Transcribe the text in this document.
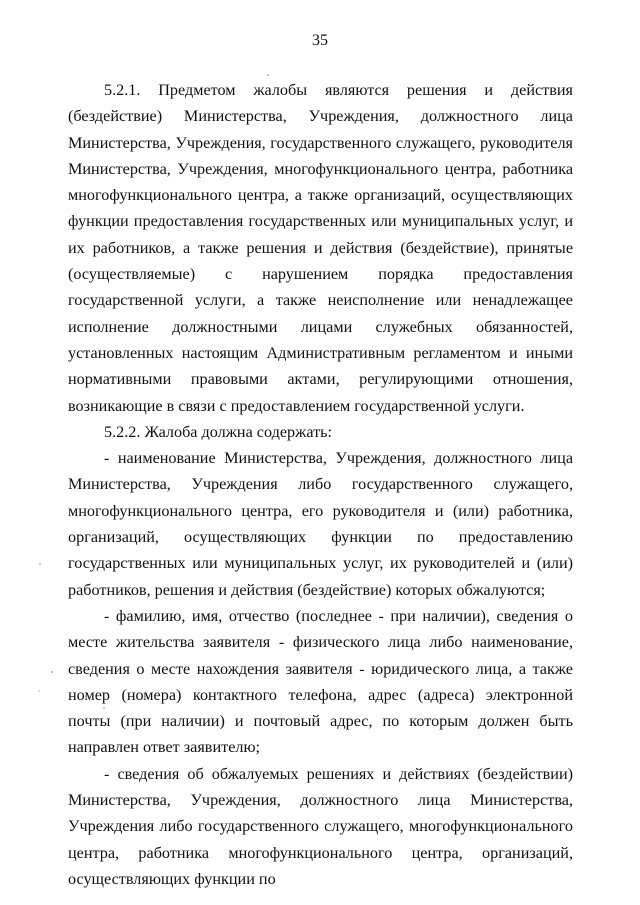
35

5.2.1. Предметом жалобы являются решения и действия (бездействие) Министерства, Учреждения, должностного лица Министерства, Учреждения, государственного служащего, руководителя Министерства, Учреждения, многофункционального центра, работника многофункционального центра, а также организаций, осуществляющих функции предоставления государственных или муниципальных услуг, и их работников, а также решения и действия (бездействие), принятые (осуществляемые) с нарушением порядка предоставления государственной услуги, а также неисполнение или ненадлежащее исполнение должностными лицами служебных обязанностей, установленных настоящим Административным регламентом и иными нормативными правовыми актами, регулирующими отношения, возникающие в связи с предоставлением государственной услуги.

5.2.2. Жалоба должна содержать:

- наименование Министерства, Учреждения, должностного лица Министерства, Учреждения либо государственного служащего, многофункционального центра, его руководителя и (или) работника, организаций, осуществляющих функции по предоставлению государственных или муниципальных услуг, их руководителей и (или) работников, решения и действия (бездействие) которых обжалуются;

- фамилию, имя, отчество (последнее - при наличии), сведения о месте жительства заявителя - физического лица либо наименование, сведения о месте нахождения заявителя - юридического лица, а также номер (номера) контактного телефона, адрес (адреса) электронной почты (при наличии) и почтовый адрес, по которым должен быть направлен ответ заявителю;

- сведения об обжалуемых решениях и действиях (бездействии) Министерства, Учреждения, должностного лица Министерства, Учреждения либо государственного служащего, многофункционального центра, работника многофункционального центра, организаций, осуществляющих функции по
